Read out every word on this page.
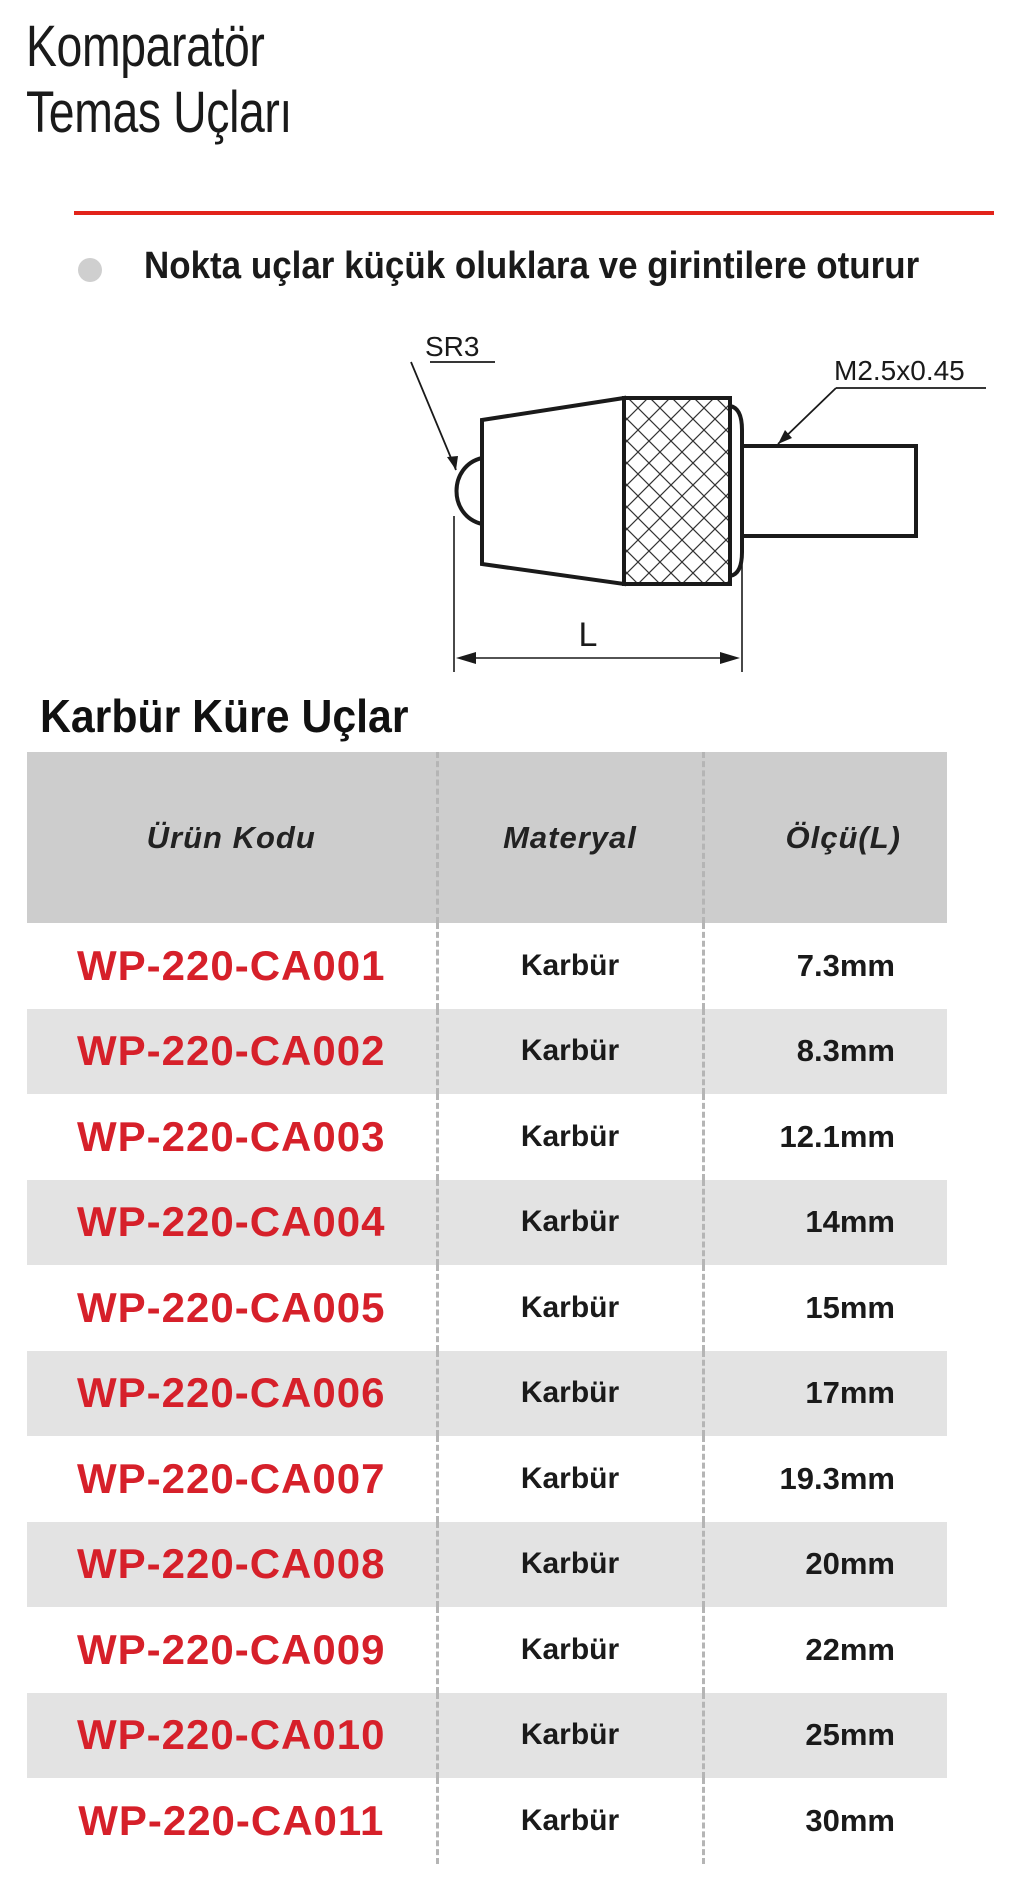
Komparatör
Temas Uçları
Nokta uçlar küçük oluklara ve girintilere oturur
SR3
M2.5x0.45
L
Karbür Küre Uçlar
Ürün Kodu	Materyal	Ölçü(L)
WP-220-CA001	Karbür	7.3mm
WP-220-CA002	Karbür	8.3mm
WP-220-CA003	Karbür	12.1mm
WP-220-CA004	Karbür	14mm
WP-220-CA005	Karbür	15mm
WP-220-CA006	Karbür	17mm
WP-220-CA007	Karbür	19.3mm
WP-220-CA008	Karbür	20mm
WP-220-CA009	Karbür	22mm
WP-220-CA010	Karbür	25mm
WP-220-CA011	Karbür	30mm
